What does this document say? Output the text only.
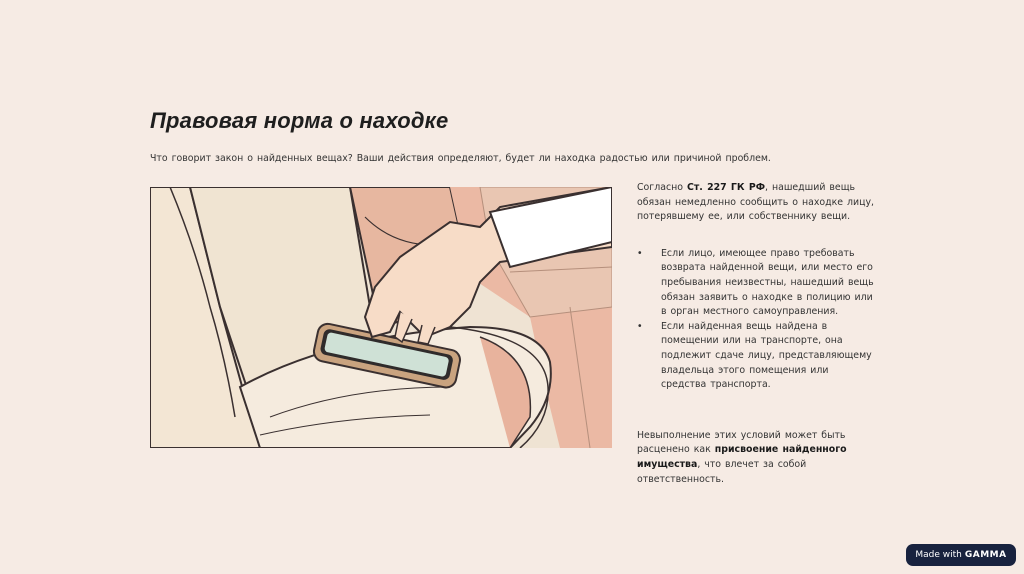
Правовая норма о находке
Что говорит закон о найденных вещах? Ваши действия определяют, будет ли находка радостью или причиной проблем.

Согласно Ст. 227 ГК РФ, нашедший вещь обязан немедленно сообщить о находке лицу, потерявшему ее, или собственнику вещи.

• Если лицо, имеющее право требовать возврата найденной вещи, или место его пребывания неизвестны, нашедший вещь обязан заявить о находке в полицию или в орган местного самоуправления.
• Если найденная вещь найдена в помещении или на транспорте, она подлежит сдаче лицу, представляющему владельца этого помещения или средства транспорта.

Невыполнение этих условий может быть расценено как присвоение найденного имущества, что влечет за собой ответственность.

Made with GAMMA
